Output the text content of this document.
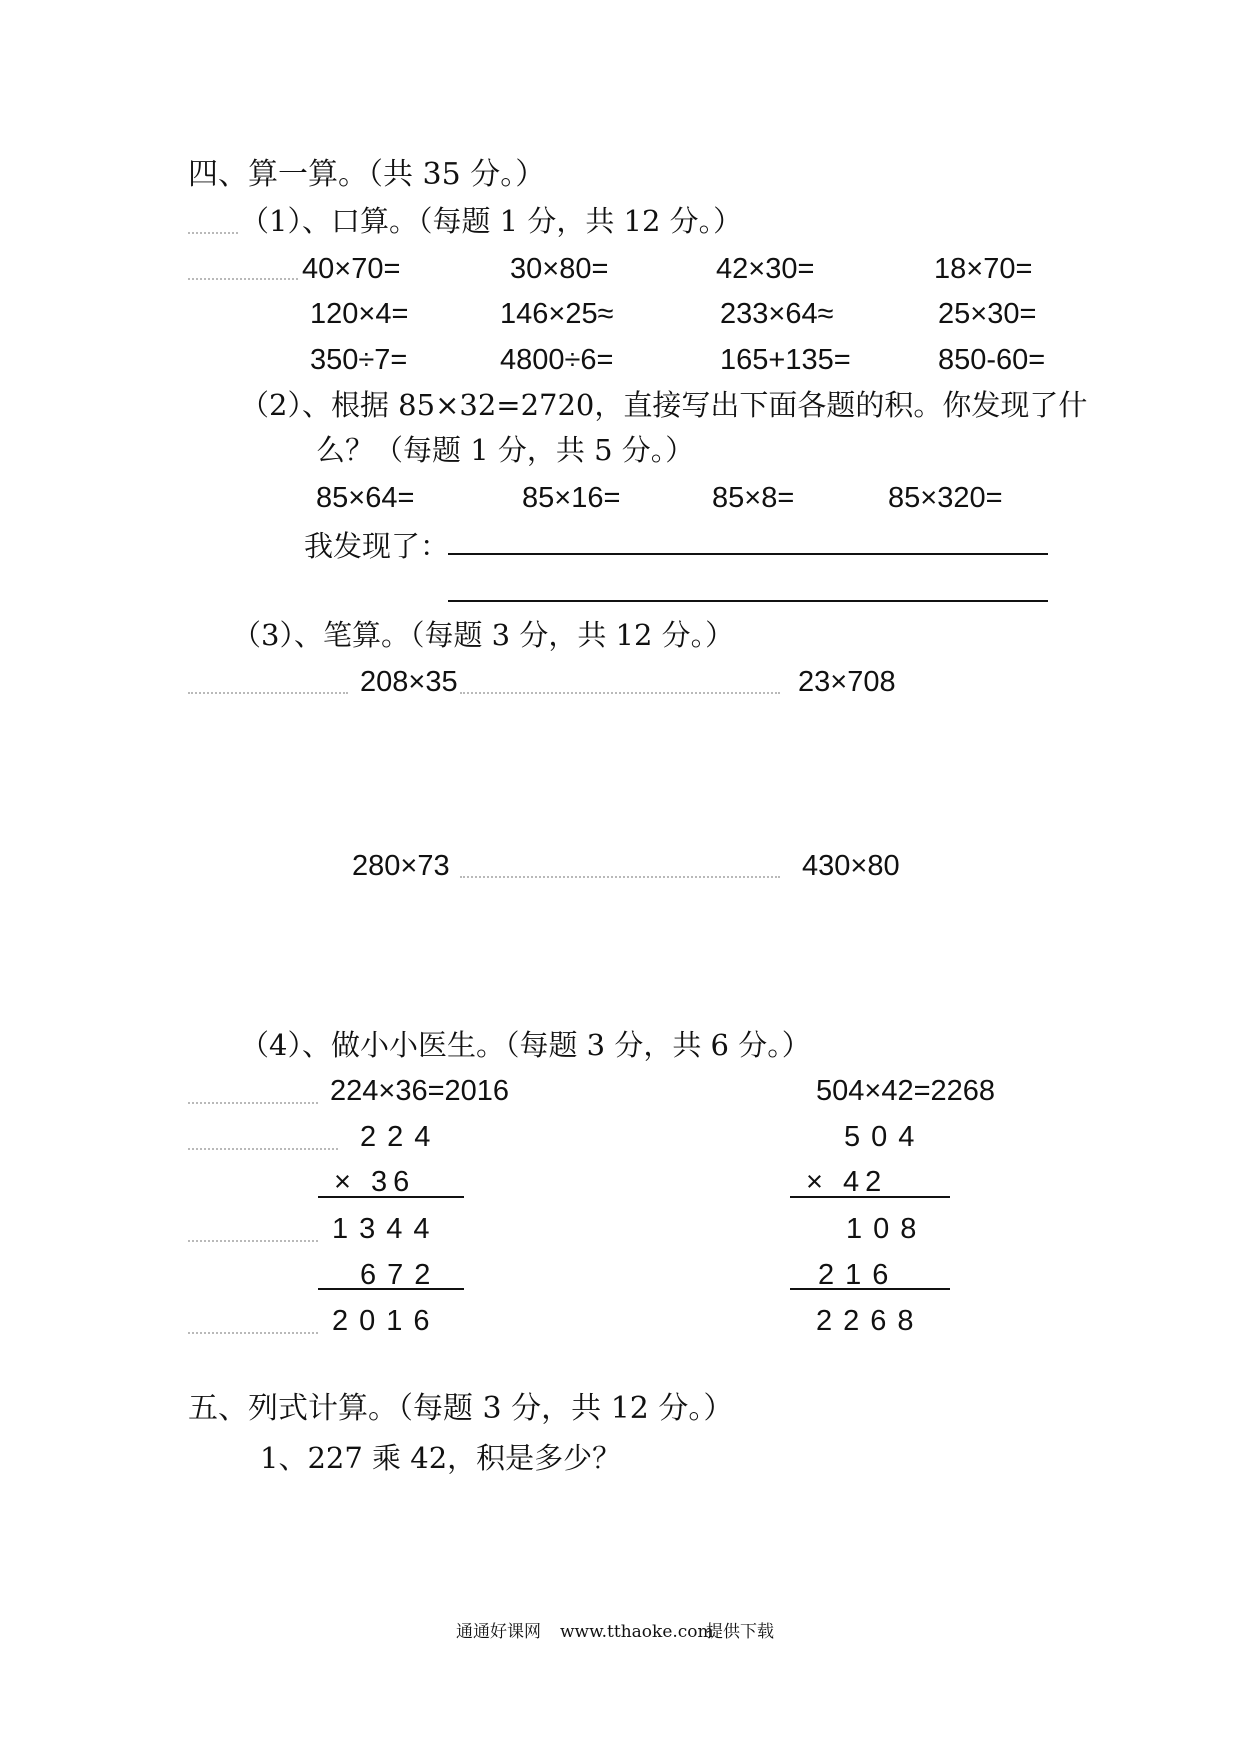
四、算一算。（共 35 分。）
（1）、口算。（每题 1 分，共 12 分。）
40×70=	30×80=	42×30=	18×70=
120×4=	146×25≈	233×64≈	25×30=
350÷7=	4800÷6=	165+135=	850-60=
（2）、根据 85×32=2720，直接写出下面各题的积。你发现了什
么？（每题 1 分，共 5 分。）
85×64=	85×16=	85×8=	85×320=
我发现了：
（3）、笔算。（每题 3 分，共 12 分。）
208×35	23×708
280×73	430×80
（4）、做小小医生。（每题 3 分，共 6 分。）
224×36=2016
224
× 36
1344
672
2016
504×42=2268
504
× 42
108
216
2268
五、列式计算。（每题 3 分，共 12 分。）
1、227 乘 42，积是多少？
通通好课网 www.tthaoke.com
提供下载
